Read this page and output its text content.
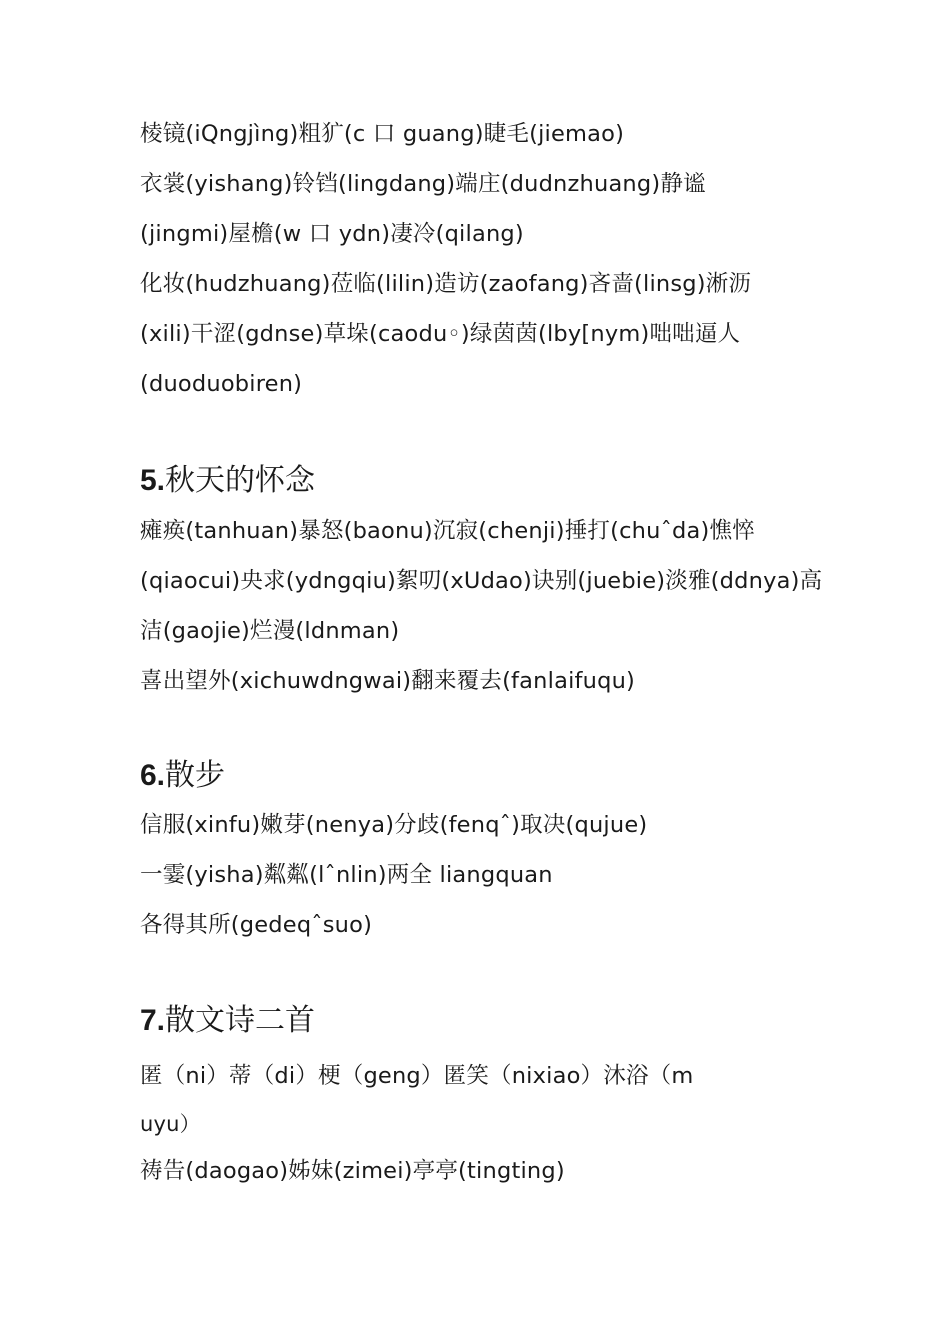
棱镜(iQngjìng)粗犷(c 口 guang)睫毛(jiemao)
衣裳(yishang)铃铛(lingdang)端庄(dudnzhuang)静谧
(jingmi)屋檐(w 口 ydn)凄冷(qilang)
化妆(hudzhuang)莅临(lilin)造访(zaofang)吝啬(linsg)淅沥
(xili)干涩(gdnse)草垛(caodu◦)绿茵茵(lby[nym)咄咄逼人
(duoduobiren)
5.秋天的怀念
瘫痪(tanhuan)暴怒(baonu)沉寂(chenji)捶打(chuˆda)憔悴
(qiaocui)央求(ydngqiu)絮叨(xUdao)诀别(juebie)淡雅(ddnya)高
洁(gaojie)烂漫(ldnman)
喜出望外(xichuwdngwai)翻来覆去(fanlaifuqu)
6.散步
信服(xinfu)嫩芽(nenya)分歧(fenqˆ)取决(qujue)
一霎(yisha)粼粼(lˆnlin)两全 liangquan
各得其所(gedeqˆsuo)
7.散文诗二首
匿（ni）蒂（di）梗（geng）匿笑（nixiao）沐浴（m
uyu）
祷告(daogao)姊妹(zimei)亭亭(tingting)
